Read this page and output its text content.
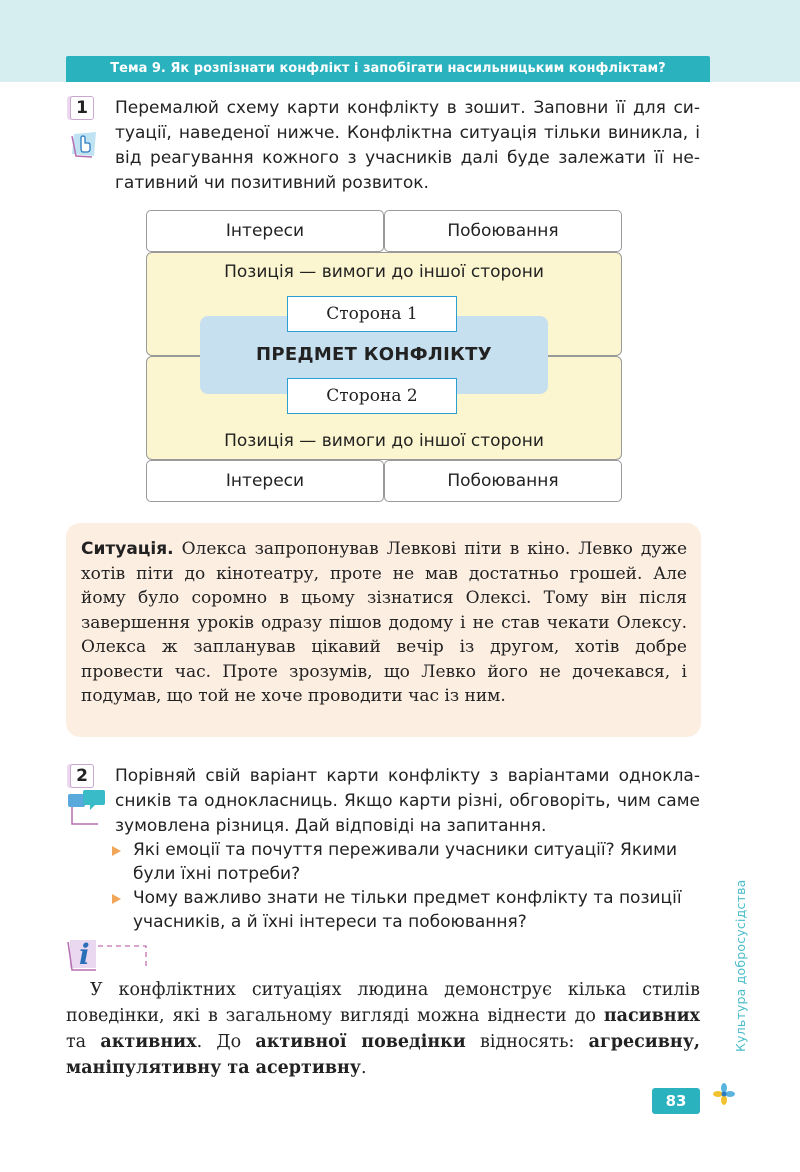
Тема 9. Як розпізнати конфлікт і запобігати насильницьким конфліктам?
1	Перемалюй схему карти конфлікту в зошит. Заповни її для ситуації, наведеної нижче. Конфліктна ситуація тільки виникла, і від реагування кожного з учасників далі буде залежати її негативний чи позитивний розвиток.

Інтереси	Побоювання
Позиція — вимоги до іншої сторони
Позиція — вимоги до іншої сторони
ПРЕДМЕТ КОНФЛІКТУ
Сторона 1
Сторона 2
Інтереси	Побоювання
Ситуація. Олекса запропонував Левкові піти в кіно. Левко дуже хотів піти до кінотеатру, проте не мав достатньо грошей. Але йому було соромно в цьому зізнатися Олексі. Тому він після завершення уроків одразу пішов додому і не став чекати Олексу. Олекса ж запланував цікавий вечір із другом, хотів добре провести час. Проте зрозумів, що Левко його не дочекався, і подумав, що той не хоче проводити час із ним.
2	Порівняй свій варіант карти конфлікту з варіантами однокласників та однокласниць. Якщо карти різні, обговоріть, чим саме зумовлена різниця. Дай відповіді на запитання.

Які емоції та почуття переживали учасники ситуації? Якими були їхні потреби?
Чому важливо знати не тільки предмет конфлікту та позиції учасників, а й їхні інтереси та побоювання?
i
У конфліктних ситуаціях людина демонструє кілька стилів поведінки, які в загальному вигляді можна віднести до пасивних та активних. До активної поведінки відносять: агресивну, маніпулятивну та асертивну.
83
Культура добросусідства
